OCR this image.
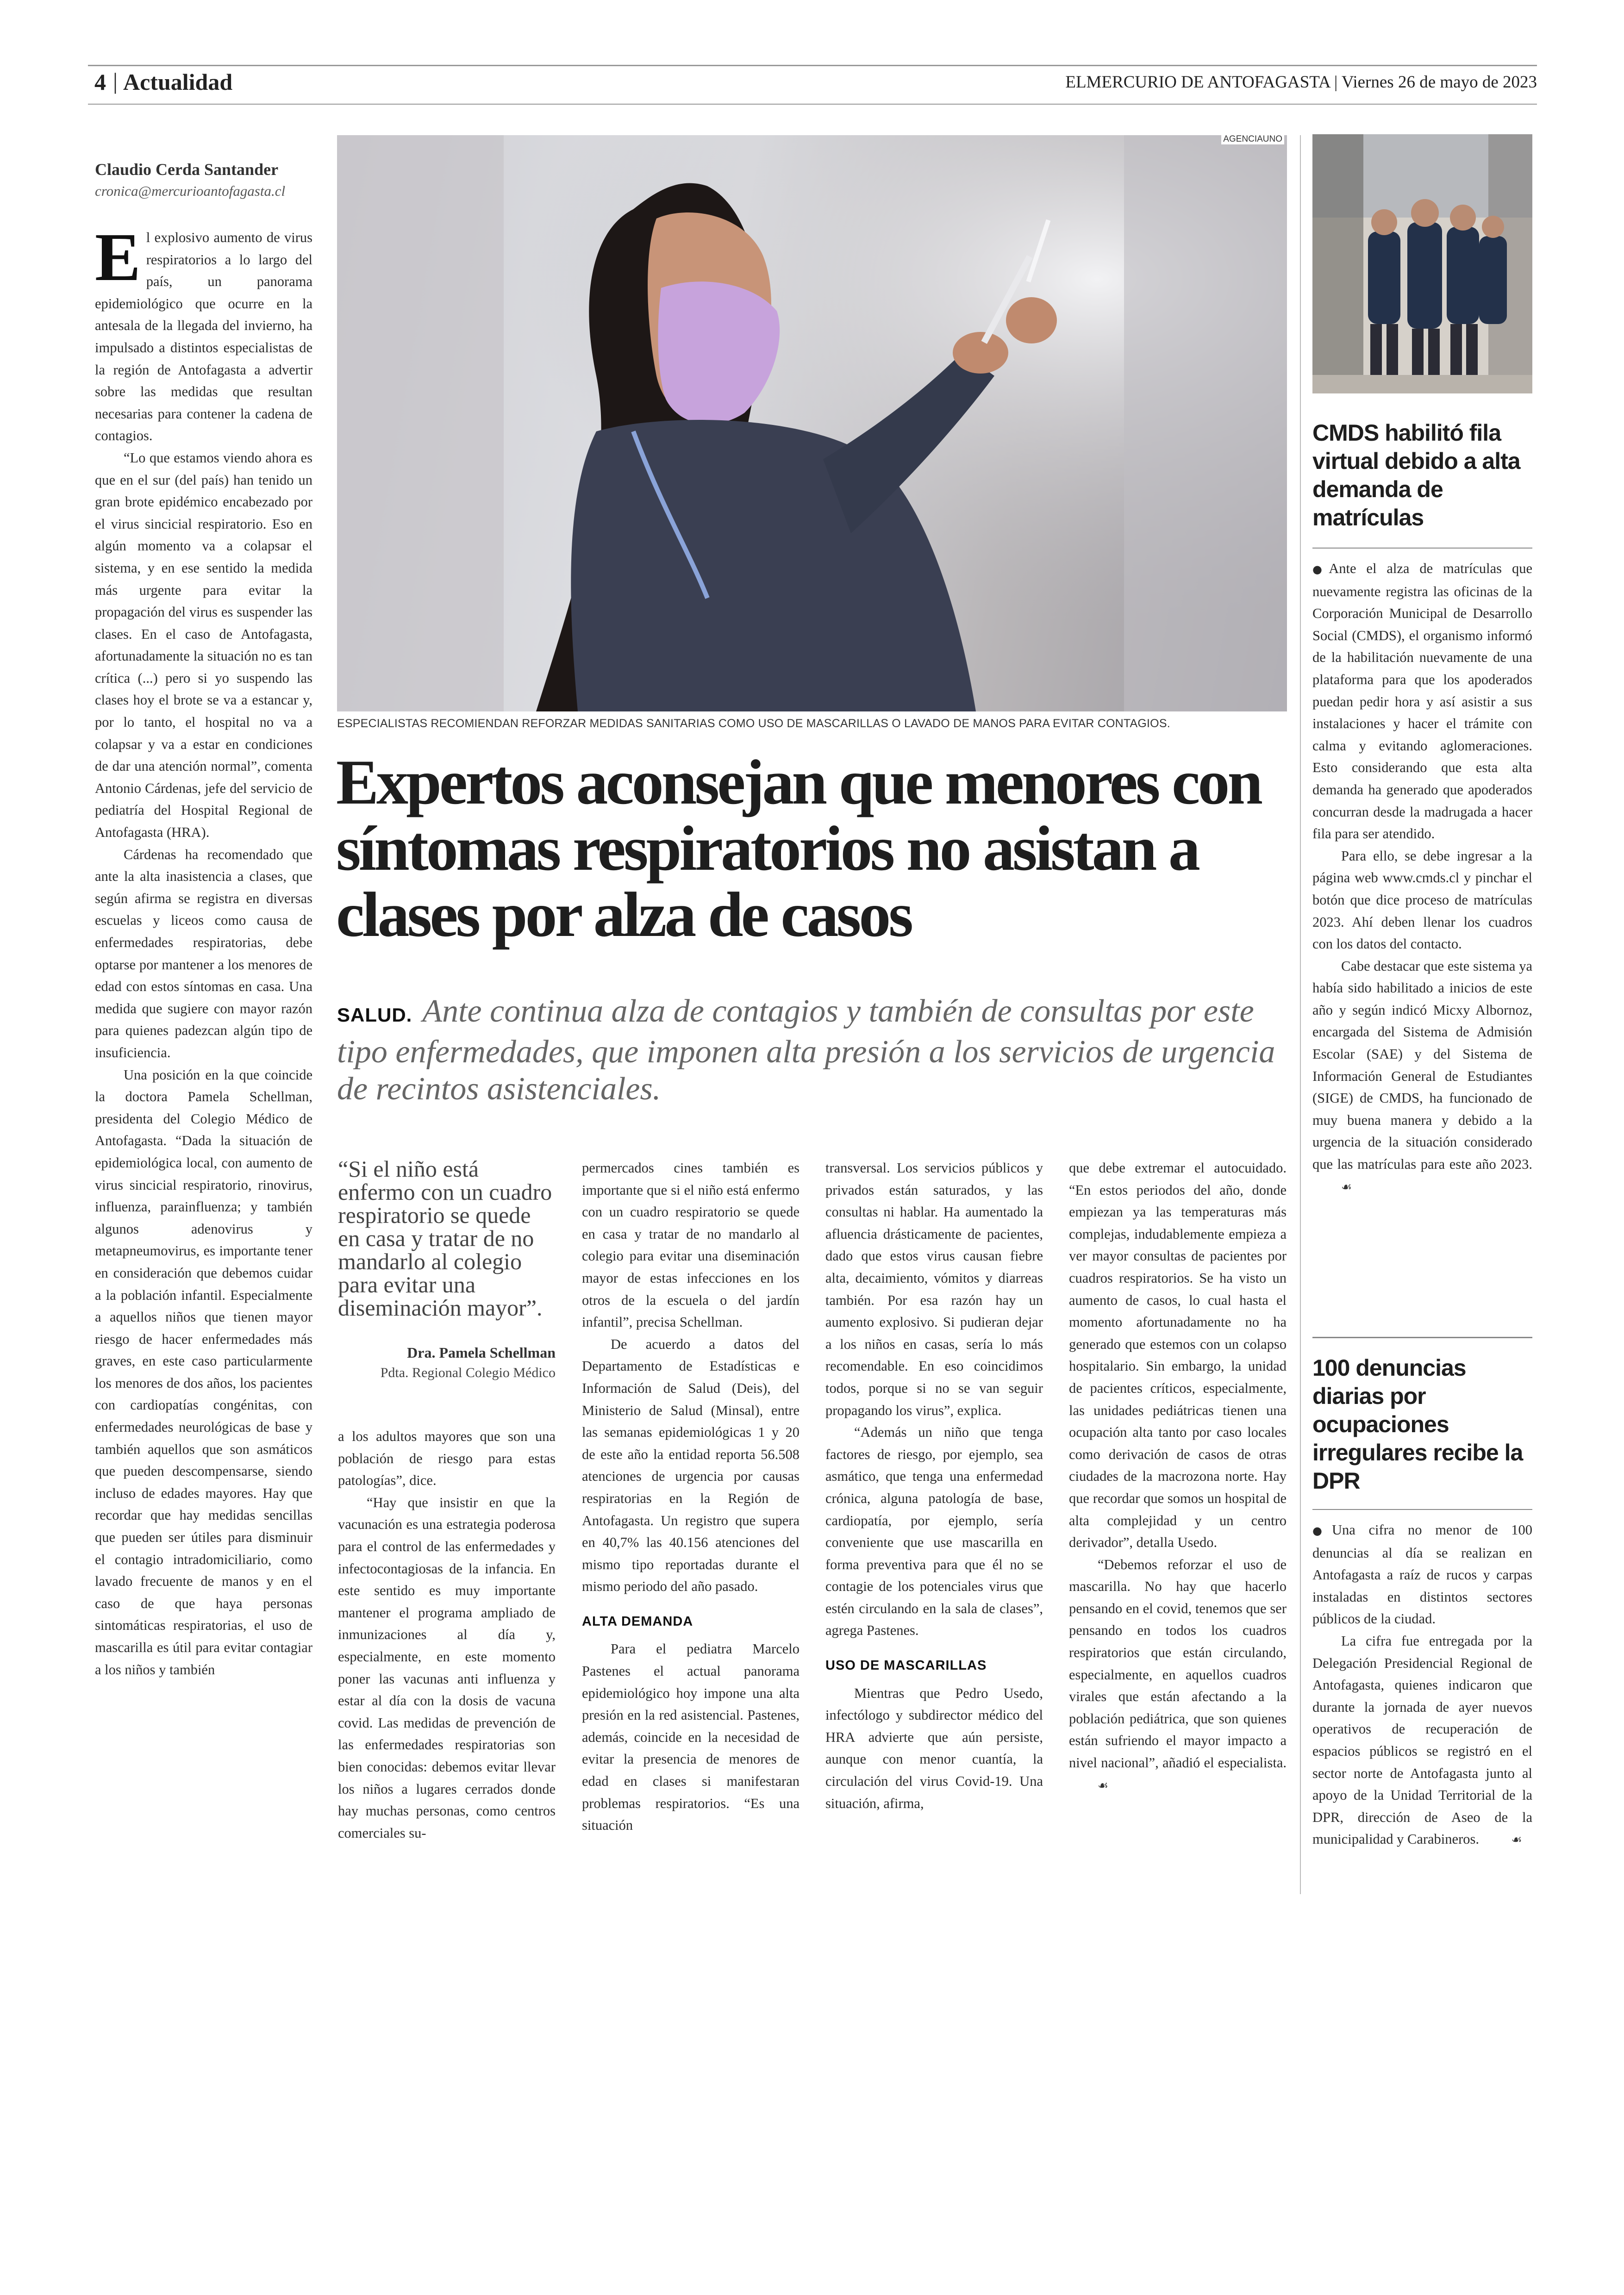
4 | Actualidad	ELMERCURIO DE ANTOFAGASTA | Viernes 26 de mayo de 2023
Claudio Cerda Santander
cronica@mercurioantofagasta.cl
E l explosivo aumento de virus respiratorios a lo largo del país, un panorama epidemiológico que ocurre en la antesala de la llegada del invierno, ha impulsado a distintos especialistas de la región de Antofagasta a advertir sobre las medidas que resultan necesarias para contener la cadena de contagios.

“Lo que estamos viendo ahora es que en el sur (del país) han tenido un gran brote epidémico encabezado por el virus sincicial respiratorio. Eso en algún momento va a colapsar el sistema, y en ese sentido la medida más urgente para evitar la propagación del virus es suspender las clases. En el caso de Antofagasta, afortunadamente la situación no es tan crítica (...) pero si yo suspendo las clases hoy el brote se va a estancar y, por lo tanto, el hospital no va a colapsar y va a estar en condiciones de dar una atención normal”, comenta Antonio Cárdenas, jefe del servicio de pediatría del Hospital Regional de Antofagasta (HRA).

Cárdenas ha recomendado que ante la alta inasistencia a clases, que según afirma se registra en diversas escuelas y liceos como causa de enfermedades respiratorias, debe optarse por mantener a los menores de edad con estos síntomas en casa. Una medida que sugiere con mayor razón para quienes padezcan algún tipo de insuficiencia.

Una posición en la que coincide la doctora Pamela Schellman, presidenta del Colegio Médico de Antofagasta. “Dada la situación de epidemiológica local, con aumento de virus sincicial respiratorio, rinovirus, influenza, parainfluenza; y también algunos adenovirus y metapneumovirus, es importante tener en consideración que debemos cuidar a la población infantil. Especialmente a aquellos niños que tienen mayor riesgo de hacer enfermedades más graves, en este caso particularmente los menores de dos años, los pacientes con cardiopatías congénitas, con enfermedades neurológicas de base y también aquellos que son asmáticos que pueden descompensarse, siendo incluso de edades mayores. Hay que recordar que hay medidas sencillas que pueden ser útiles para disminuir el contagio intradomiciliario, como lavado frecuente de manos y en el caso de que haya personas sintomáticas respiratorias, el uso de mascarilla es útil para evitar contagiar a los niños y también

AGENCIAUNO
ESPECIALISTAS RECOMIENDAN REFORZAR MEDIDAS SANITARIAS COMO USO DE MASCARILLAS O LAVADO DE MANOS PARA EVITAR CONTAGIOS.
Expertos aconsejan que menores con síntomas respiratorios no asistan a clases por alza de casos
SALUD. Ante continua alza de contagios y también de consultas por este tipo enfermedades, que imponen alta presión a los servicios de urgencia de recintos asistenciales.
“Si el niño está enfermo con un cuadro respiratorio se quede en casa y tratar de no mandarlo al colegio para evitar una diseminación mayor”.
Dra. Pamela Schellman
Pdta. Regional Colegio Médico

a los adultos mayores que son una población de riesgo para estas patologías”, dice.

“Hay que insistir en que la vacunación es una estrategia poderosa para el control de las enfermedades y infectocontagiosas de la infancia. En este sentido es muy importante mantener el programa ampliado de inmunizaciones al día y, especialmente, en este momento poner las vacunas anti influenza y estar al día con la dosis de vacuna covid. Las medidas de prevención de las enfermedades respiratorias son bien conocidas: debemos evitar llevar los niños a lugares cerrados donde hay muchas personas, como centros comerciales su-

permercados cines también es importante que si el niño está enfermo con un cuadro respiratorio se quede en casa y tratar de no mandarlo al colegio para evitar una diseminación mayor de estas infecciones en los otros de la escuela o del jardín infantil”, precisa Schellman.

De acuerdo a datos del Departamento de Estadísticas e Información de Salud (Deis), del Ministerio de Salud (Minsal), entre las semanas epidemiológicas 1 y 20 de este año la entidad reporta 56.508 atenciones de urgencia por causas respiratorias en la Región de Antofagasta. Un registro que supera en 40,7% las 40.156 atenciones del mismo tipo reportadas durante el mismo periodo del año pasado.

ALTA DEMANDA

Para el pediatra Marcelo Pastenes el actual panorama epidemiológico hoy impone una alta presión en la red asistencial. Pastenes, además, coincide en la necesidad de evitar la presencia de menores de edad en clases si manifestaran problemas respiratorios. “Es una situación

transversal. Los servicios públicos y privados están saturados, y las consultas ni hablar. Ha aumentado la afluencia drásticamente de pacientes, dado que estos virus causan fiebre alta, decaimiento, vómitos y diarreas también. Por esa razón hay un aumento explosivo. Si pudieran dejar a los niños en casas, sería lo más recomendable. En eso coincidimos todos, porque si no se van seguir propagando los virus”, explica.

“Además un niño que tenga factores de riesgo, por ejemplo, sea asmático, que tenga una enfermedad crónica, alguna patología de base, cardiopatía, por ejemplo, sería conveniente que use mascarilla en forma preventiva para que él no se contagie de los potenciales virus que estén circulando en la sala de clases”, agrega Pastenes.

USO DE MASCARILLAS

Mientras que Pedro Usedo, infectólogo y subdirector médico del HRA advierte que aún persiste, aunque con menor cuantía, la circulación del virus Covid-19. Una situación, afirma,

que debe extremar el autocuidado. “En estos periodos del año, donde empiezan ya las temperaturas más complejas, indudablemente empieza a ver mayor consultas de pacientes por cuadros respiratorios. Se ha visto un aumento de casos, lo cual hasta el momento afortunadamente no ha generado que estemos con un colapso hospitalario. Sin embargo, la unidad de pacientes críticos, especialmente, las unidades pediátricas tienen una ocupación alta tanto por caso locales como derivación de casos de otras ciudades de la macrozona norte. Hay que recordar que somos un hospital de alta complejidad y un centro derivador”, detalla Usedo.

“Debemos reforzar el uso de mascarilla. No hay que hacerlo pensando en el covid, tenemos que ser pensando en todos los cuadros respiratorios que están circulando, especialmente, en aquellos cuadros virales que están afectando a la población pediátrica, que son quienes están sufriendo el mayor impacto a nivel nacional”, añadió el especialista. ☙

CMDS habilitó fila virtual debido a alta demanda de matrículas

●Ante el alza de matrículas que nuevamente registra las oficinas de la Corporación Municipal de Desarrollo Social (CMDS), el organismo informó de la habilitación nuevamente de una plataforma para que los apoderados puedan pedir hora y así asistir a sus instalaciones y hacer el trámite con calma y evitando aglomeraciones. Esto considerando que esta alta demanda ha generado que apoderados concurran desde la madrugada a hacer fila para ser atendido.

Para ello, se debe ingresar a la página web www.cmds.cl y pinchar el botón que dice proceso de matrículas 2023. Ahí deben llenar los cuadros con los datos del contacto.

Cabe destacar que este sistema ya había sido habilitado a inicios de este año y según indicó Micxy Albornoz, encargada del Sistema de Admisión Escolar (SAE) y del Sistema de Información General de Estudiantes (SIGE) de CMDS, ha funcionado de muy buena manera y debido a la urgencia de la situación considerado que las matrículas para este año 2023. ☙

100 denuncias diarias por ocupaciones irregulares recibe la DPR

●Una cifra no menor de 100 denuncias al día se realizan en Antofagasta a raíz de rucos y carpas instaladas en distintos sectores públicos de la ciudad.

La cifra fue entregada por la Delegación Presidencial Regional de Antofagasta, quienes indicaron que durante la jornada de ayer nuevos operativos de recuperación de espacios públicos se registró en el sector norte de Antofagasta junto al apoyo de la Unidad Territorial de la DPR, dirección de Aseo de la municipalidad y Carabineros.	☙
